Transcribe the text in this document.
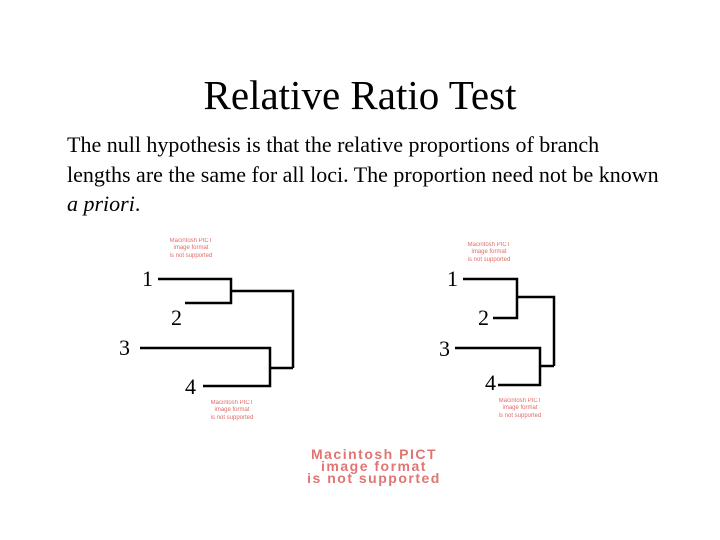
Relative Ratio Test
The null hypothesis is that the relative proportions of branch lengths are the same for all loci. The proportion need not be known a priori.
Macintosh PICT
image format
is not supported
Macintosh PICT
image format
is not supported
Macintosh PICT
image format
is not supported
Macintosh PICT
image format
is not supported
Macintosh PICT
image format
is not supported
1
2
3
4
1
2
3
4
